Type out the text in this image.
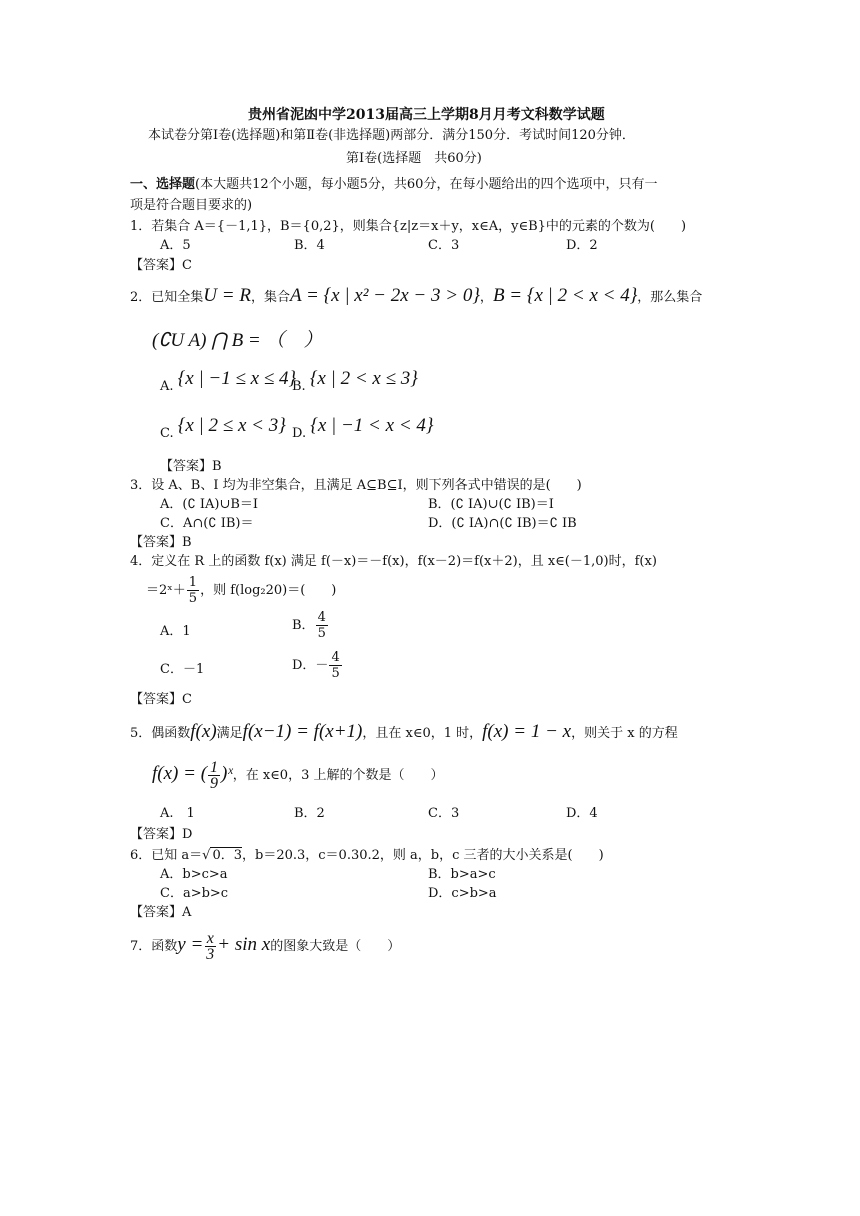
贵州省泥凼中学2013届高三上学期8月月考文科数学试题
本试卷分第Ⅰ卷(选择题)和第Ⅱ卷(非选择题)两部分．满分150分．考试时间120分钟．
第Ⅰ卷(选择题　共60分)
一、选择题(本大题共12个小题，每小题5分，共60分，在每小题给出的四个选项中，只有一
项是符合题目要求的)
1．若集合 A＝{－1,1}，B＝{0,2}，则集合{z|z＝x＋y，x∈A，y∈B}中的元素的个数为(　　)
A．5	B．4	C．3	D．2
【答案】C
2．已知全集U = R，集合A = {x | x² − 2x − 3 > 0}，B = {x | 2 < x < 4}，那么集合
(∁U A) ⋂ B = （　）
A. {x | −1 ≤ x ≤ 4}
B. {x | 2 < x ≤ 3}
C. {x | 2 ≤ x < 3} D. {x | −1 < x < 4}
【答案】B
3．设 A、B、I 均为非空集合，且满足 A⊆B⊆I，则下列各式中错误的是(　　)
A．(∁ IA)∪B＝I	B．(∁ IA)∪(∁ IB)＝I
C．A∩(∁ IB)＝	D．(∁ IA)∩(∁ IB)＝∁ IB
【答案】B
4．定义在 R 上的函数 f(x) 满足 f(－x)＝－f(x)，f(x－2)＝f(x＋2)，且 x∈(－1,0)时，f(x)
＝2ˣ＋ $\frac{1}{5}$ ，则 f(log₂20)＝(　　)
A．1	B． $\frac{4}{5}$
C．－1	D．－ $\frac{4}{5}$
【答案】C
5．偶函数f(x)满足f(x−1) = f(x+1)，且在 x∈0，1 时，f(x) = 1 − x，则关于 x 的方程
f(x) = ( $\frac{1}{9}$ )ˣ，在 x∈0，3 上解的个数是（　　）
A.　1	B．2	C．3	D．4
【答案】D
6．已知 a＝√ 0．3，b＝20.3，c＝0.30.2，则 a，b，c 三者的大小关系是(　　)
A．b>c>a	B．b>a>c
C．a>b>c	D．c>b>a
【答案】A
7．函数$y = \frac{x}{3} + \sin x$的图象大致是（　　）
